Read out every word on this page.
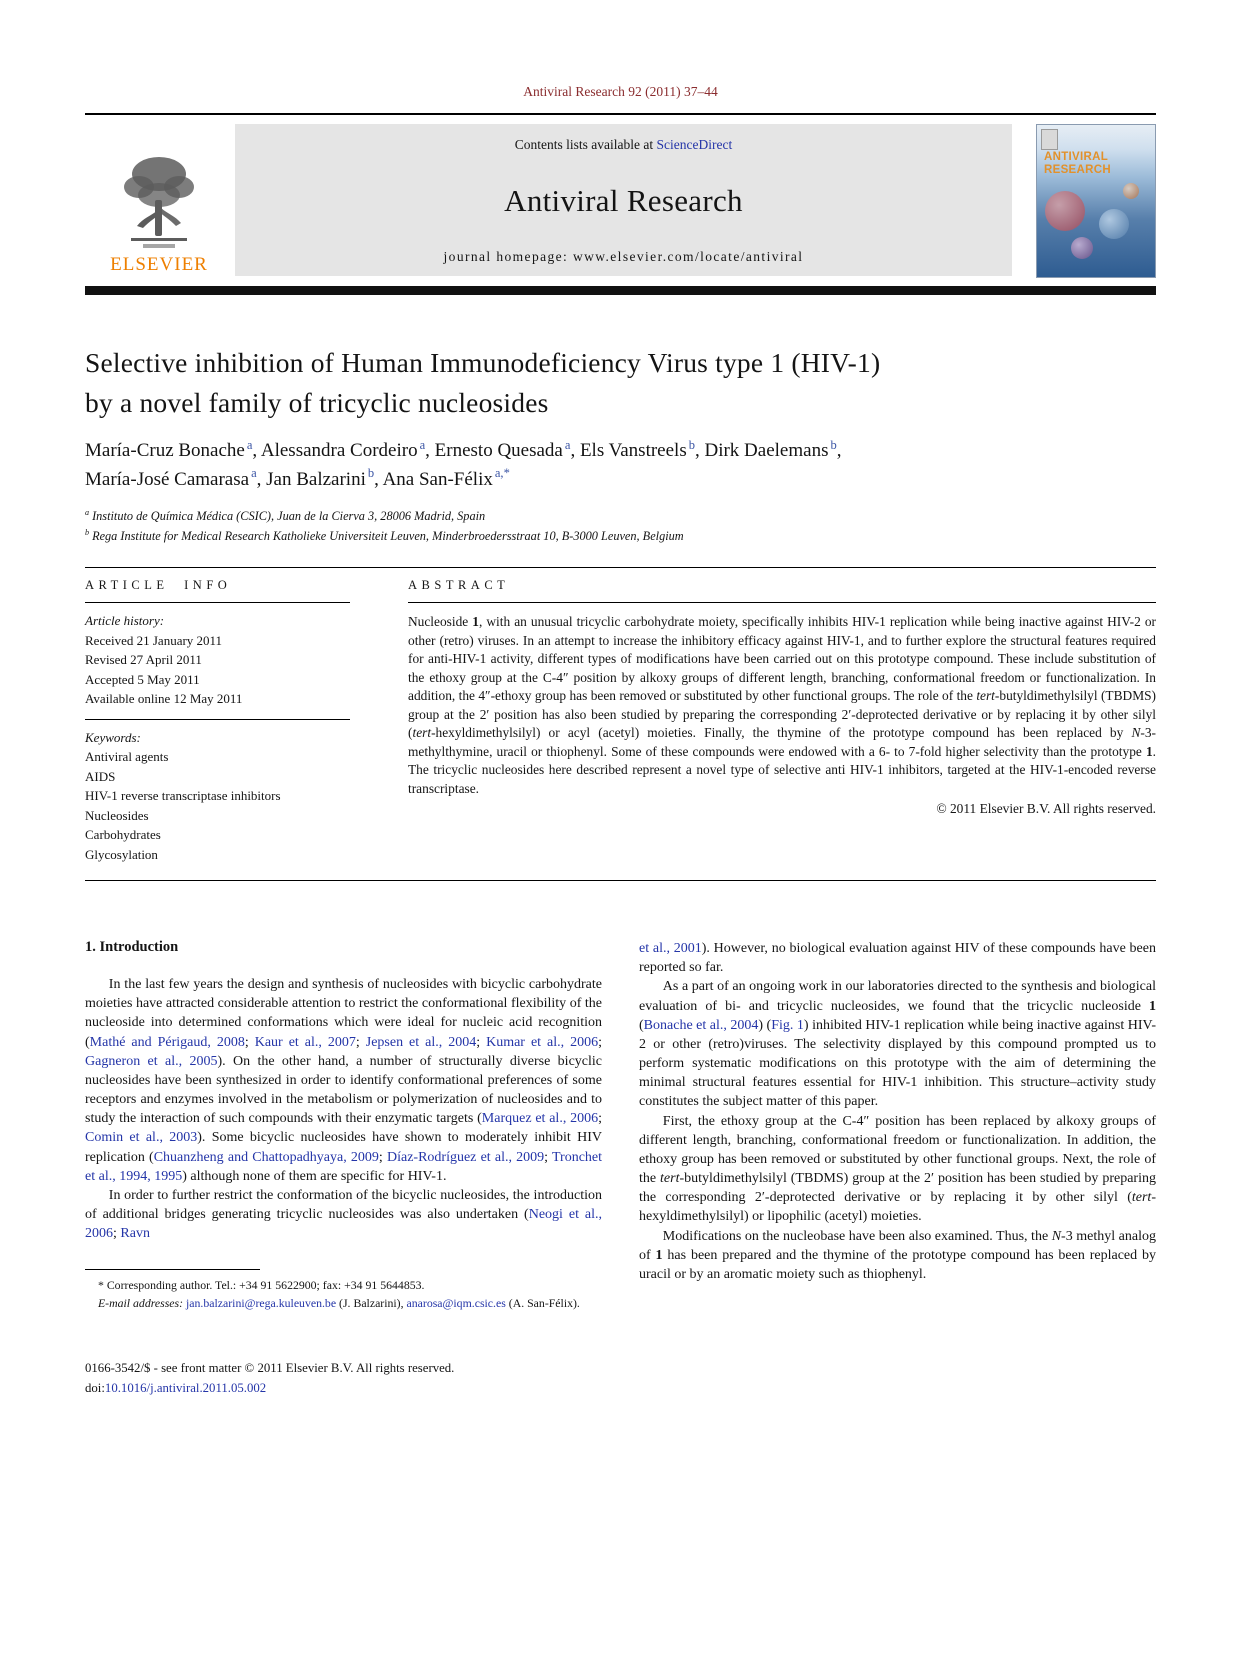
Antiviral Research 92 (2011) 37–44
ELSEVIER
Contents lists available at ScienceDirect
Antiviral Research
journal homepage: www.elsevier.com/locate/antiviral
ANTIVIRAL
RESEARCH
Selective inhibition of Human Immunodeficiency Virus type 1 (HIV-1)
by a novel family of tricyclic nucleosides
María-Cruz Bonache $^a$, Alessandra Cordeiro $^a$, Ernesto Quesada $^a$, Els Vanstreels $^b$, Dirk Daelemans $^b$,
María-José Camarasa $^a$, Jan Balzarini $^b$, Ana San-Félix $^{a,*}$
$^a$ Instituto de Química Médica (CSIC), Juan de la Cierva 3, 28006 Madrid, Spain
$^b$ Rega Institute for Medical Research Katholieke Universiteit Leuven, Minderbroedersstraat 10, B-3000 Leuven, Belgium
ARTICLE INFO
Article history:
Received 21 January 2011
Revised 27 April 2011
Accepted 5 May 2011
Available online 12 May 2011
Keywords:
Antiviral agents
AIDS
HIV-1 reverse transcriptase inhibitors
Nucleosides
Carbohydrates
Glycosylation
ABSTRACT

Nucleoside 1, with an unusual tricyclic carbohydrate moiety, specifically inhibits HIV-1 replication while being inactive against HIV-2 or other (retro) viruses. In an attempt to increase the inhibitory efficacy against HIV-1, and to further explore the structural features required for anti-HIV-1 activity, different types of modifications have been carried out on this prototype compound. These include substitution of the ethoxy group at the C-4″ position by alkoxy groups of different length, branching, conformational freedom or functionalization. In addition, the 4″-ethoxy group has been removed or substituted by other functional groups. The role of the tert-butyldimethylsilyl (TBDMS) group at the 2′ position has also been studied by preparing the corresponding 2′-deprotected derivative or by replacing it by other silyl (tert-hexyldimethylsilyl) or acyl (acetyl) moieties. Finally, the thymine of the prototype compound has been replaced by N-3-methylthymine, uracil or thiophenyl. Some of these compounds were endowed with a 6- to 7-fold higher selectivity than the prototype 1. The tricyclic nucleosides here described represent a novel type of selective anti HIV-1 inhibitors, targeted at the HIV-1-encoded reverse transcriptase.

© 2011 Elsevier B.V. All rights reserved.
1. Introduction

In the last few years the design and synthesis of nucleosides with bicyclic carbohydrate moieties have attracted considerable attention to restrict the conformational flexibility of the nucleoside into determined conformations which were ideal for nucleic acid recognition (Mathé and Périgaud, 2008; Kaur et al., 2007; Jepsen et al., 2004; Kumar et al., 2006; Gagneron et al., 2005). On the other hand, a number of structurally diverse bicyclic nucleosides have been synthesized in order to identify conformational preferences of some receptors and enzymes involved in the metabolism or polymerization of nucleosides and to study the interaction of such compounds with their enzymatic targets (Marquez et al., 2006; Comin et al., 2003). Some bicyclic nucleosides have shown to moderately inhibit HIV replication (Chuanzheng and Chattopadhyaya, 2009; Díaz-Rodríguez et al., 2009; Tronchet et al., 1994, 1995) although none of them are specific for HIV-1.

In order to further restrict the conformation of the bicyclic nucleosides, the introduction of additional bridges generating tricyclic nucleosides was also undertaken (Neogi et al., 2006; Ravn

* Corresponding author. Tel.: +34 91 5622900; fax: +34 91 5644853.

E-mail addresses: jan.balzarini@rega.kuleuven.be (J. Balzarini), anarosa@iqm.csic.es (A. San-Félix).

et al., 2001). However, no biological evaluation against HIV of these compounds have been reported so far.

As a part of an ongoing work in our laboratories directed to the synthesis and biological evaluation of bi- and tricyclic nucleosides, we found that the tricyclic nucleoside 1 (Bonache et al., 2004) (Fig. 1) inhibited HIV-1 replication while being inactive against HIV-2 or other (retro)viruses. The selectivity displayed by this compound prompted us to perform systematic modifications on this prototype with the aim of determining the minimal structural features essential for HIV-1 inhibition. This structure–activity study constitutes the subject matter of this paper.

First, the ethoxy group at the C-4″ position has been replaced by alkoxy groups of different length, branching, conformational freedom or functionalization. In addition, the ethoxy group has been removed or substituted by other functional groups. Next, the role of the tert-butyldimethylsilyl (TBDMS) group at the 2′ position has been studied by preparing the corresponding 2′-deprotected derivative or by replacing it by other silyl (tert-hexyldimethylsilyl) or lipophilic (acetyl) moieties.

Modifications on the nucleobase have been also examined. Thus, the N-3 methyl analog of 1 has been prepared and the thymine of the prototype compound has been replaced by uracil or by an aromatic moiety such as thiophenyl.

0166-3542/$ - see front matter © 2011 Elsevier B.V. All rights reserved.
doi:10.1016/j.antiviral.2011.05.002
